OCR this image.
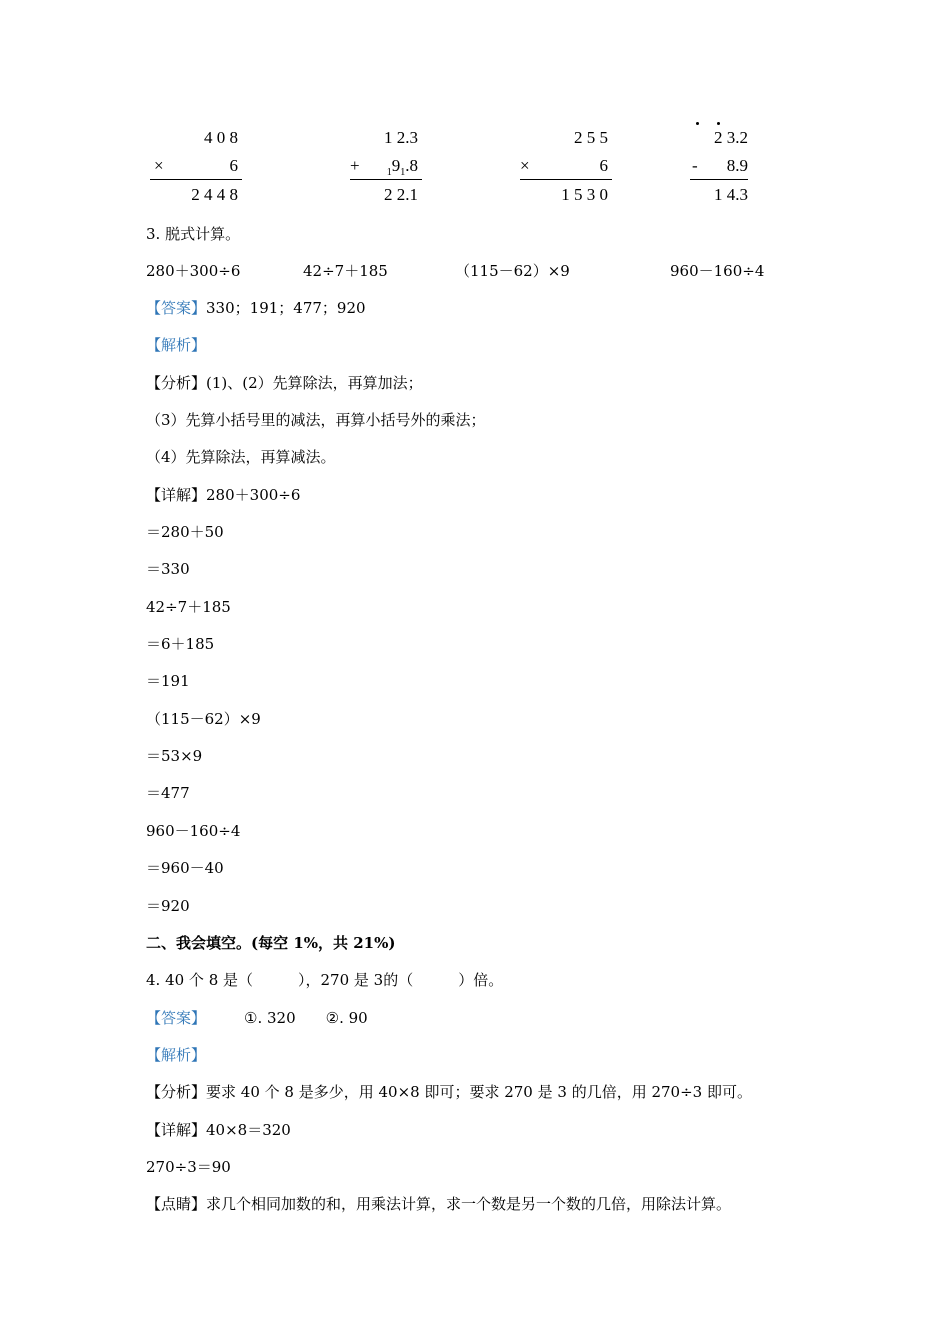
4 0 8
×	6
2 4 4 8
1 2.3
+	$_19_1.8$
2 2.1
2 5 5
×	6
1 5 3 0
2 3.2
- 8.9
1 4.3
3. 脱式计算。
280＋300÷6	42÷7＋185	（115－62）×9	960－160÷4
【答案】330；191；477；920
【解析】
【分析】(1)、(2）先算除法，再算加法；
（3）先算小括号里的减法，再算小括号外的乘法；
（4）先算除法，再算减法。
【详解】280＋300÷6
＝280＋50
＝330
42÷7＋185
＝6＋185
＝191
（115－62）×9
＝53×9
＝477
960－160÷4
＝960－40
＝920
二、我会填空。(每空 1%，共 21%)
4. 40 个 8 是（　　　），270 是 3的（　　　）倍。
【答案】	①. 320　　②. 90
【解析】
【分析】要求 40 个 8 是多少，用 40×8 即可；要求 270 是 3 的几倍，用 270÷3 即可。
【详解】40×8＝320
270÷3＝90
【点睛】求几个相同加数的和，用乘法计算，求一个数是另一个数的几倍，用除法计算。
